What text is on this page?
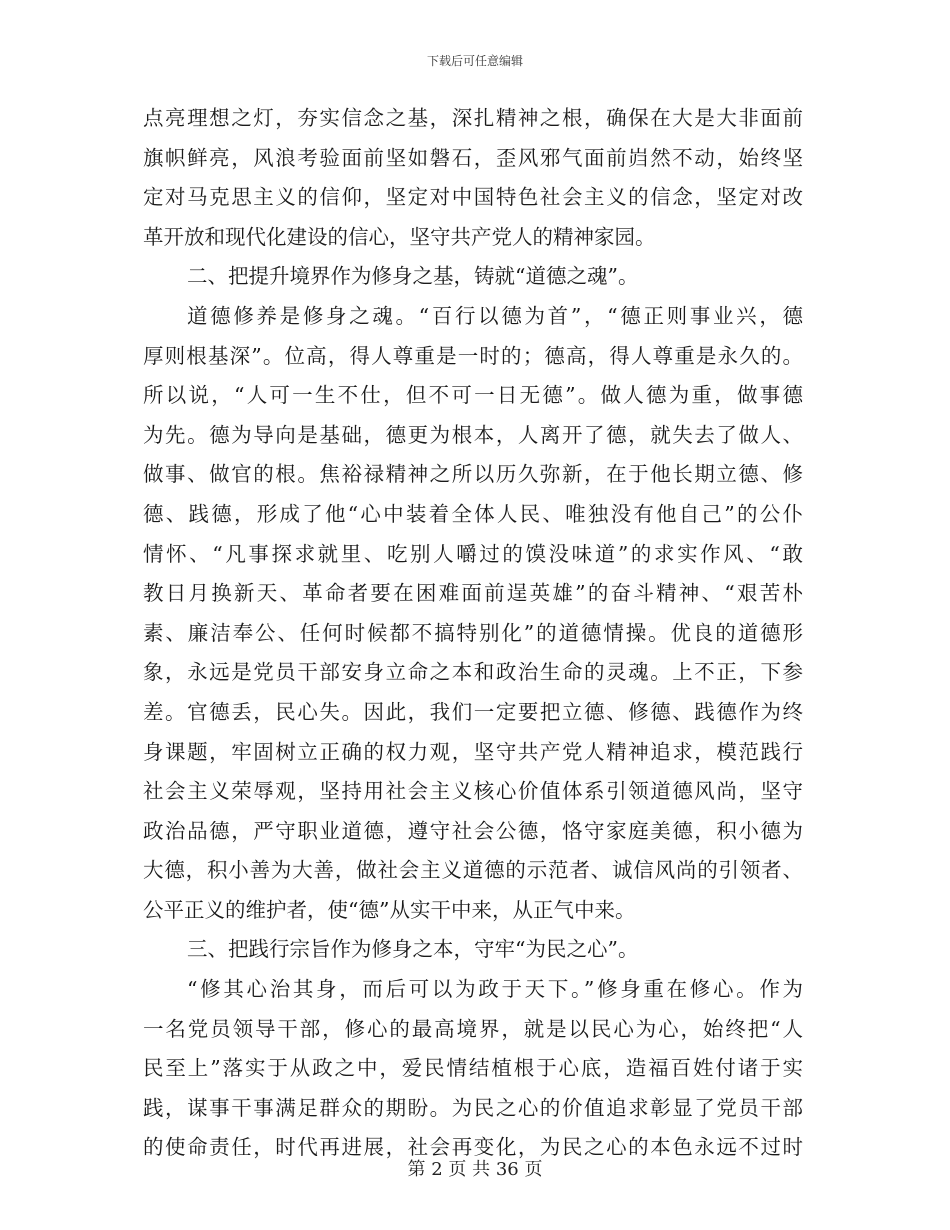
下载后可任意编辑
点亮理想之灯，夯实信念之基，深扎精神之根，确保在大是大非面前
旗帜鲜亮，风浪考验面前坚如磐石，歪风邪气面前岿然不动，始终坚
定对马克思主义的信仰，坚定对中国特色社会主义的信念，坚定对改
革开放和现代化建设的信心，坚守共产党人的精神家园。
二、把提升境界作为修身之基，铸就“道德之魂”。
道德修养是修身之魂。“百行以德为首”，“德正则事业兴，德
厚则根基深”。位高，得人尊重是一时的；德高，得人尊重是永久的。
所以说，“人可一生不仕，但不可一日无德”。做人德为重，做事德
为先。德为导向是基础，德更为根本，人离开了德，就失去了做人、
做事、做官的根。焦裕禄精神之所以历久弥新，在于他长期立德、修
德、践德，形成了他“心中装着全体人民、唯独没有他自己”的公仆
情怀、“凡事探求就里、吃别人嚼过的馍没味道”的求实作风、“敢
教日月换新天、革命者要在困难面前逞英雄”的奋斗精神、“艰苦朴
素、廉洁奉公、任何时候都不搞特别化”的道德情操。优良的道德形
象，永远是党员干部安身立命之本和政治生命的灵魂。上不正，下参
差。官德丢，民心失。因此，我们一定要把立德、修德、践德作为终
身课题，牢固树立正确的权力观，坚守共产党人精神追求，模范践行
社会主义荣辱观，坚持用社会主义核心价值体系引领道德风尚，坚守
政治品德，严守职业道德，遵守社会公德，恪守家庭美德，积小德为
大德，积小善为大善，做社会主义道德的示范者、诚信风尚的引领者、
公平正义的维护者，使“德”从实干中来，从正气中来。
三、把践行宗旨作为修身之本，守牢“为民之心”。
“修其心治其身，而后可以为政于天下。”修身重在修心。作为
一名党员领导干部，修心的最高境界，就是以民心为心，始终把“人
民至上”落实于从政之中，爱民情结植根于心底，造福百姓付诸于实
践，谋事干事满足群众的期盼。为民之心的价值追求彰显了党员干部
的使命责任，时代再进展，社会再变化，为民之心的本色永远不过时
第 2 页 共 36 页
